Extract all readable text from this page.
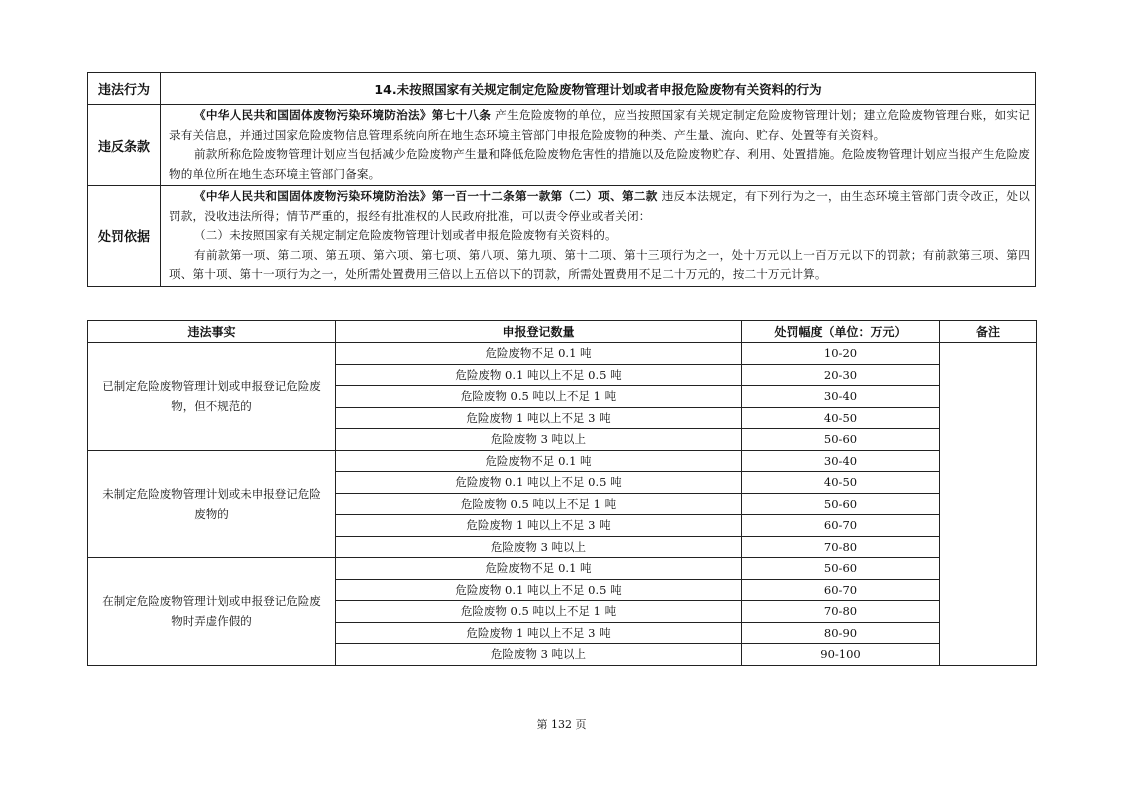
违法行为	14.未按照国家有关规定制定危险废物管理计划或者申报危险废物有关资料的行为
违反条款	《中华人民共和国固体废物污染环境防治法》第七十八条 产生危险废物的单位，应当按照国家有关规定制定危险废物管理计划；建立危险废物管理台账，如实记录有关信息，并通过国家危险废物信息管理系统向所在地生态环境主管部门申报危险废物的种类、产生量、流向、贮存、处置等有关资料。

前款所称危险废物管理计划应当包括减少危险废物产生量和降低危险废物危害性的措施以及危险废物贮存、利用、处置措施。危险废物管理计划应当报产生危险废物的单位所在地生态环境主管部门备案。

处罚依据	《中华人民共和国固体废物污染环境防治法》第一百一十二条第一款第（二）项、第二款 违反本法规定，有下列行为之一，由生态环境主管部门责令改正，处以罚款，没收违法所得；情节严重的，报经有批准权的人民政府批准，可以责令停业或者关闭：

（二）未按照国家有关规定制定危险废物管理计划或者申报危险废物有关资料的。

有前款第一项、第二项、第五项、第六项、第七项、第八项、第九项、第十二项、第十三项行为之一，处十万元以上一百万元以下的罚款；有前款第三项、第四项、第十项、第十一项行为之一，处所需处置费用三倍以上五倍以下的罚款，所需处置费用不足二十万元的，按二十万元计算。

违法事实	申报登记数量	处罚幅度（单位：万元）	备注
已制定危险废物管理计划或申报登记危险废物，但不规范的	危险废物不足 0.1 吨	10-20	
	危险废物 0.1 吨以上不足 0.5 吨	20-30	
	危险废物 0.5 吨以上不足 1 吨	30-40	
	危险废物 1 吨以上不足 3 吨	40-50	
	危险废物 3 吨以上	50-60	
未制定危险废物管理计划或未申报登记危险废物的	危险废物不足 0.1 吨	30-40	
	危险废物 0.1 吨以上不足 0.5 吨	40-50	
	危险废物 0.5 吨以上不足 1 吨	50-60	
	危险废物 1 吨以上不足 3 吨	60-70	
	危险废物 3 吨以上	70-80	
在制定危险废物管理计划或申报登记危险废物时弄虚作假的	危险废物不足 0.1 吨	50-60	
	危险废物 0.1 吨以上不足 0.5 吨	60-70	
	危险废物 0.5 吨以上不足 1 吨	70-80	
	危险废物 1 吨以上不足 3 吨	80-90	
	危险废物 3 吨以上	90-100	
第 132 页
